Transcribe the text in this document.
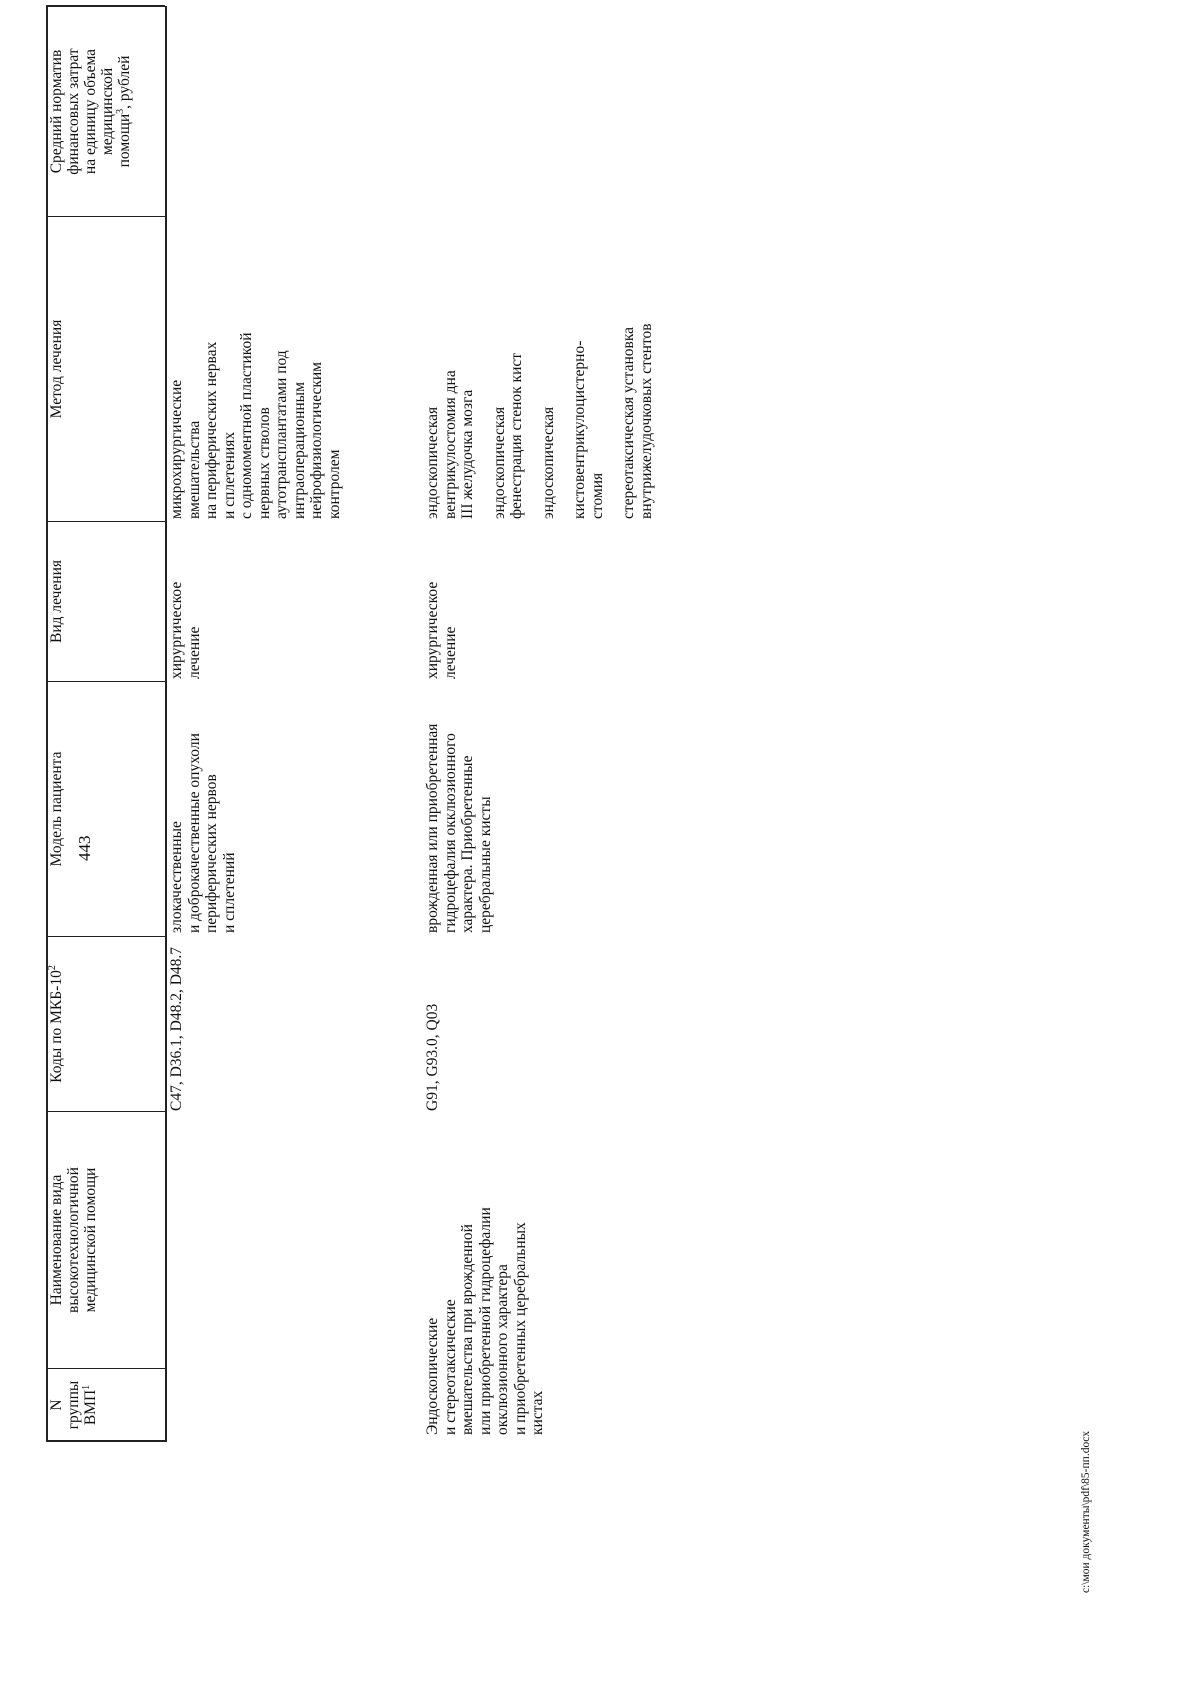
443
N группы ВМП$^1$
Наименование вида высокотехнологичной медицинской помощи
Коды по МКБ-$10^2$
Модель пациента
Вид лечения
Метод лечения
Средний норматив финансовых затрат на единицу объема медицинской помощи$^3$, рублей
C47, D36.1, D48.2, D48.7
злокачественные и доброкачественные опухоли периферических нервов и сплетений
хирургическое лечение
микрохирургические вмешательства на периферических нервах и сплетениях с одномоментной пластикой нервных стволов аутотрансплантатами под интраоперационным нейрофизиологическим контролем
Эндоскопические и стереотаксические вмешательства при врожденной или приобретенной гидроцефалии окклюзионного характера и приобретенных церебральных кистах
G91, G93.0, Q03
врожденная или приобретенная гидроцефалия окклюзионного характера. Приобретенные церебральные кисты
хирургическое лечение
эндоскопическая вентрикулостомия дна III желудочка мозга эндоскопическая фенестрация стенок кист эндоскопическая кистовентрикулоцистерно- стомия стереотаксическая установка внутрижелудочковых стентов
c:\мои документы\pdf\85-пп.docx
